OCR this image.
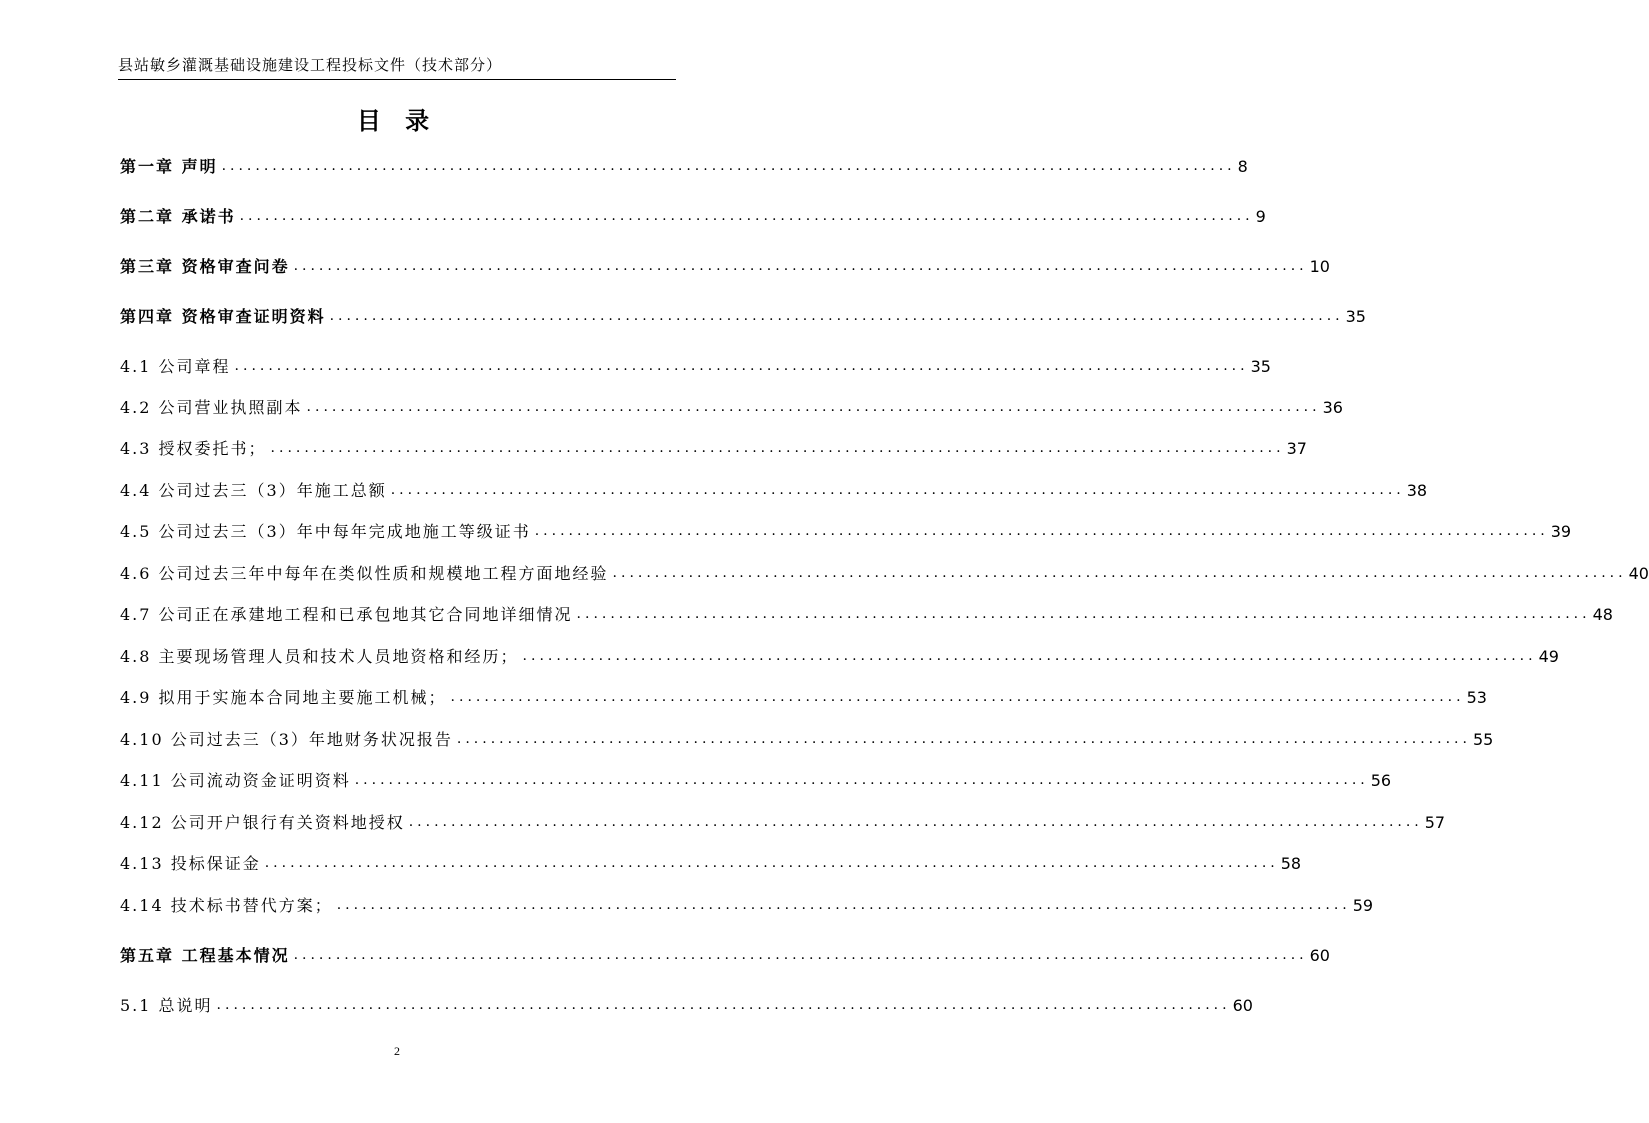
县站敏乡灌溉基础设施建设工程投标文件（技术部分）
目 录
第一章 声明 ........................................................................................................................ 8
第二章 承诺书 ........................................................................................................................ 9
第三章 资格审查问卷 ........................................................................................................................ 10
第四章 资格审查证明资料 ........................................................................................................................ 35
4.1 公司章程 ........................................................................................................................ 35
4.2 公司营业执照副本 ........................................................................................................................ 36
4.3 授权委托书； ........................................................................................................................ 37
4.4 公司过去三（3）年施工总额 ........................................................................................................................ 38
4.5 公司过去三（3）年中每年完成地施工等级证书 ........................................................................................................................ 39
4.6 公司过去三年中每年在类似性质和规模地工程方面地经验 ........................................................................................................................ 40
4.7 公司正在承建地工程和已承包地其它合同地详细情况 ........................................................................................................................ 48
4.8 主要现场管理人员和技术人员地资格和经历； ........................................................................................................................ 49
4.9 拟用于实施本合同地主要施工机械； ........................................................................................................................ 53
4.10 公司过去三（3）年地财务状况报告 ........................................................................................................................ 55
4.11 公司流动资金证明资料 ........................................................................................................................ 56
4.12 公司开户银行有关资料地授权 ........................................................................................................................ 57
4.13 投标保证金 ........................................................................................................................ 58
4.14 技术标书替代方案； ........................................................................................................................ 59
第五章 工程基本情况 ........................................................................................................................ 60
5.1 总说明 ........................................................................................................................ 60
2
